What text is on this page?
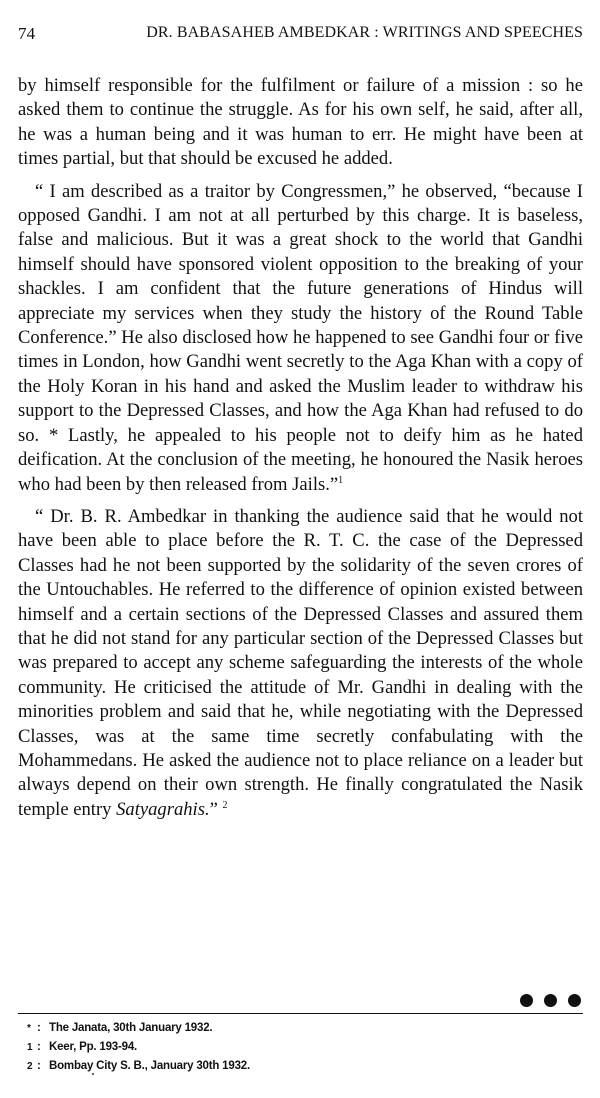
74	DR. BABASAHEB AMBEDKAR : WRITINGS AND SPEECHES

by himself responsible for the fulfilment or failure of a mission : so he asked them to continue the struggle. As for his own self, he said, after all, he was a human being and it was human to err. He might have been at times partial, but that should be excused he added.

“ I am described as a traitor by Congressmen,” he observed, “because I opposed Gandhi. I am not at all perturbed by this charge. It is baseless, false and malicious. But it was a great shock to the world that Gandhi himself should have sponsored violent opposition to the breaking of your shackles. I am confident that the future generations of Hindus will appreciate my services when they study the history of the Round Table Conference.” He also disclosed how he happened to see Gandhi four or five times in London, how Gandhi went secretly to the Aga Khan with a copy of the Holy Koran in his hand and asked the Muslim leader to withdraw his support to the Depressed Classes, and how the Aga Khan had refused to do so. * Lastly, he appealed to his people not to deify him as he hated deification. At the conclusion of the meeting, he honoured the Nasik heroes who had been by then released from Jails.”$^1$

“ Dr. B. R. Ambedkar in thanking the audience said that he would not have been able to place before the R. T. C. the case of the Depressed Classes had he not been supported by the solidarity of the seven crores of the Untouchables. He referred to the difference of opinion existed between himself and a certain sections of the Depressed Classes and assured them that he did not stand for any particular section of the Depressed Classes but was prepared to accept any scheme safeguarding the interests of the whole community. He criticised the attitude of Mr. Gandhi in dealing with the minorities problem and said that he, while negotiating with the Depressed Classes, was at the same time secretly confabulating with the Mohammedans. He asked the audience not to place reliance on a leader but always depend on their own strength. He finally congratulated the Nasik temple entry Satyagrahis.” $^2$

* : The Janata, 30th January 1932.
1 : Keer, Pp. 193-94.
2 : Bombay City S. B., January 30th 1932.
